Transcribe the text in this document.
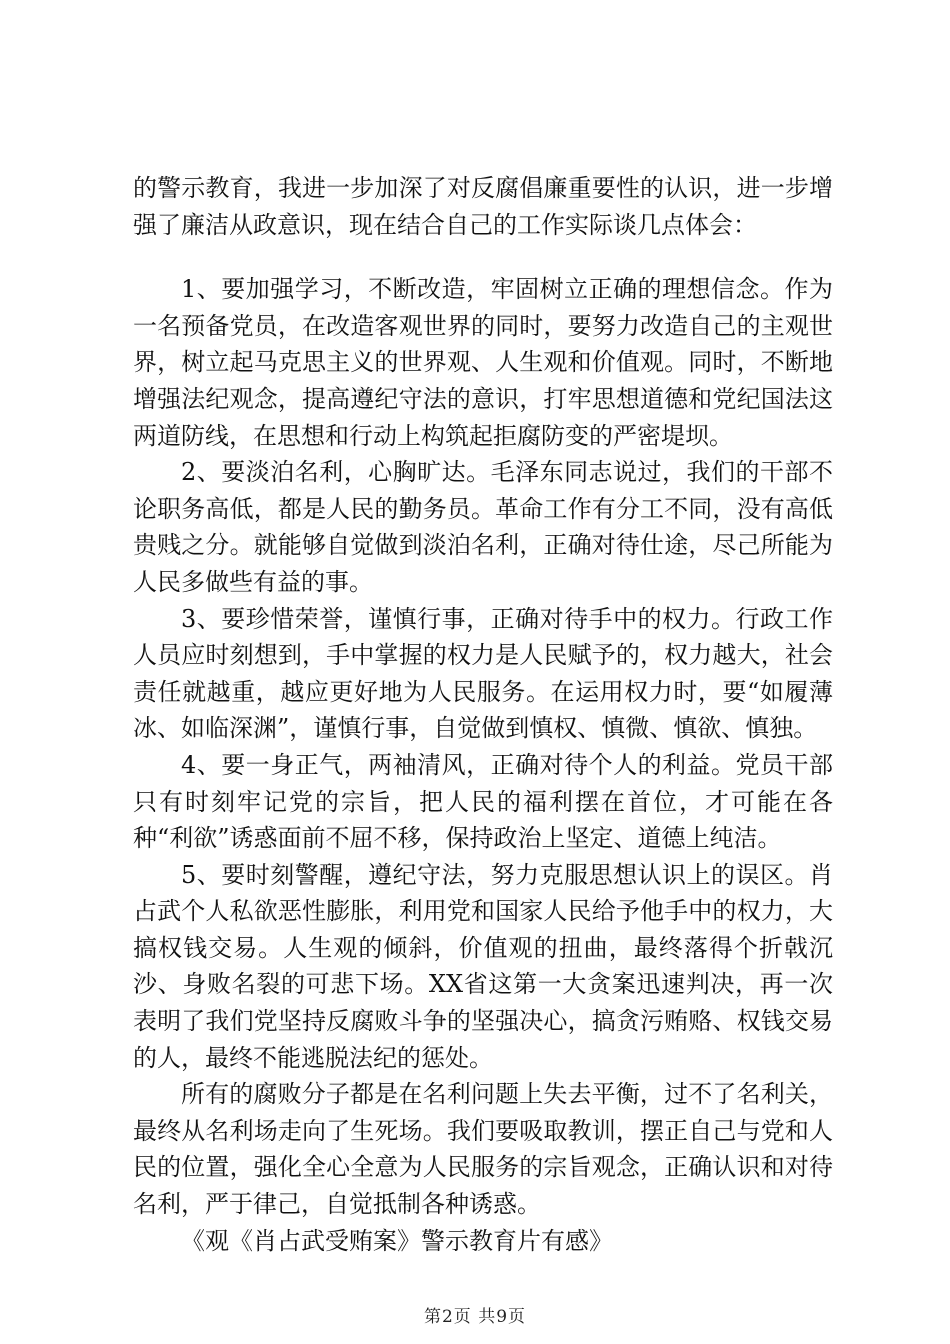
的警示教育，我进一步加深了对反腐倡廉重要性的认识，进一步增强了廉洁从政意识，现在结合自己的工作实际谈几点体会：

1、要加强学习，不断改造，牢固树立正确的理想信念。作为一名预备党员，在改造客观世界的同时，要努力改造自己的主观世界，树立起马克思主义的世界观、人生观和价值观。同时，不断地增强法纪观念，提高遵纪守法的意识，打牢思想道德和党纪国法这两道防线，在思想和行动上构筑起拒腐防变的严密堤坝。

2、要淡泊名利，心胸旷达。毛泽东同志说过，我们的干部不论职务高低，都是人民的勤务员。革命工作有分工不同，没有高低贵贱之分。就能够自觉做到淡泊名利，正确对待仕途，尽己所能为人民多做些有益的事。

3、要珍惜荣誉，谨慎行事，正确对待手中的权力。行政工作人员应时刻想到，手中掌握的权力是人民赋予的，权力越大，社会责任就越重，越应更好地为人民服务。在运用权力时，要“如履薄冰、如临深渊”，谨慎行事，自觉做到慎权、慎微、慎欲、慎独。

4、要一身正气，两袖清风，正确对待个人的利益。党员干部只有时刻牢记党的宗旨，把人民的福利摆在首位，才可能在各种“利欲”诱惑面前不屈不移，保持政治上坚定、道德上纯洁。

5、要时刻警醒，遵纪守法，努力克服思想认识上的误区。肖占武个人私欲恶性膨胀，利用党和国家人民给予他手中的权力，大搞权钱交易。人生观的倾斜，价值观的扭曲，最终落得个折戟沉沙、身败名裂的可悲下场。XX省这第一大贪案迅速判决，再一次表明了我们党坚持反腐败斗争的坚强决心，搞贪污贿赂、权钱交易的人，最终不能逃脱法纪的惩处。

所有的腐败分子都是在名利问题上失去平衡，过不了名利关，最终从名利场走向了生死场。我们要吸取教训，摆正自己与党和人民的位置，强化全心全意为人民服务的宗旨观念，正确认识和对待名利，严于律己，自觉抵制各种诱惑。

《观《肖占武受贿案》警示教育片有感》

第2页 共9页
